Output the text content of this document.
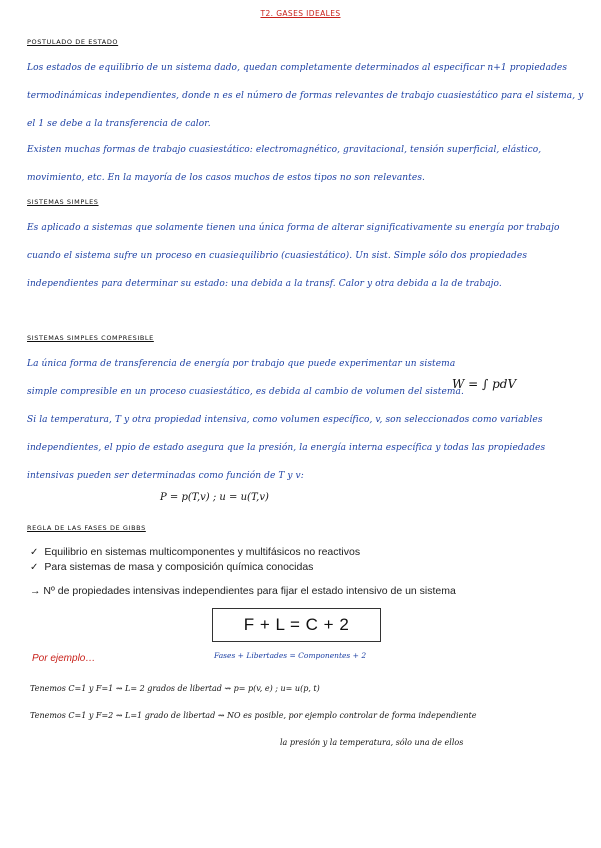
T2. GASES IDEALES
POSTULADO DE ESTADO
Los estados de equilibrio de un sistema dado, quedan completamente determinados al especificar n+1 propiedades termodinámicas independientes, donde n es el número de formas relevantes de trabajo cuasiestático para el sistema, y el 1 se debe a la transferencia de calor.
Existen muchas formas de trabajo cuasiestático: electromagnético, gravitacional, tensión superficial, elástico, movimiento, etc. En la mayoría de los casos muchos de estos tipos no son relevantes.
SISTEMAS SIMPLES
Es aplicado a sistemas que solamente tienen una única forma de alterar significativamente su energía por trabajo cuando el sistema sufre un proceso en cuasiequilibrio (cuasiestático). Un sist. Simple sólo dos propiedades independientes para determinar su estado: una debida a la transf. Calor y otra debida a la de trabajo.
SISTEMAS SIMPLES COMPRESIBLE
La única forma de transferencia de energía por trabajo que puede experimentar un sistema simple compresible en un proceso cuasiestático, es debida al cambio de volumen del sistema.
W = ∫ pdV
Si la temperatura, T y otra propiedad intensiva, como volumen específico, v, son seleccionados como variables independientes, el ppio de estado asegura que la presión, la energía interna específica y todas las propiedades intensivas pueden ser determinadas como función de T y v:
P = p(T,v) ; u = u(T,v)
REGLA DE LAS FASES DE GIBBS
✓ Equilibrio en sistemas multicomponentes y multifásicos no reactivos
✓ Para sistemas de masa y composición química conocidas
→ Nº de propiedades intensivas independientes para fijar el estado intensivo de un sistema
F + L = C + 2
Fases + Libertades = Componentes + 2
Por ejemplo…
Tenemos C=1 y F=1 ⇝ L= 2 grados de libertad ⇝ p= p(v, e) ; u= u(p, t)
Tenemos C=1 y F=2 ⇝ L=1 grado de libertad ⇝ NO es posible, por ejemplo controlar de forma independiente
la presión y la temperatura, sólo una de ellos
